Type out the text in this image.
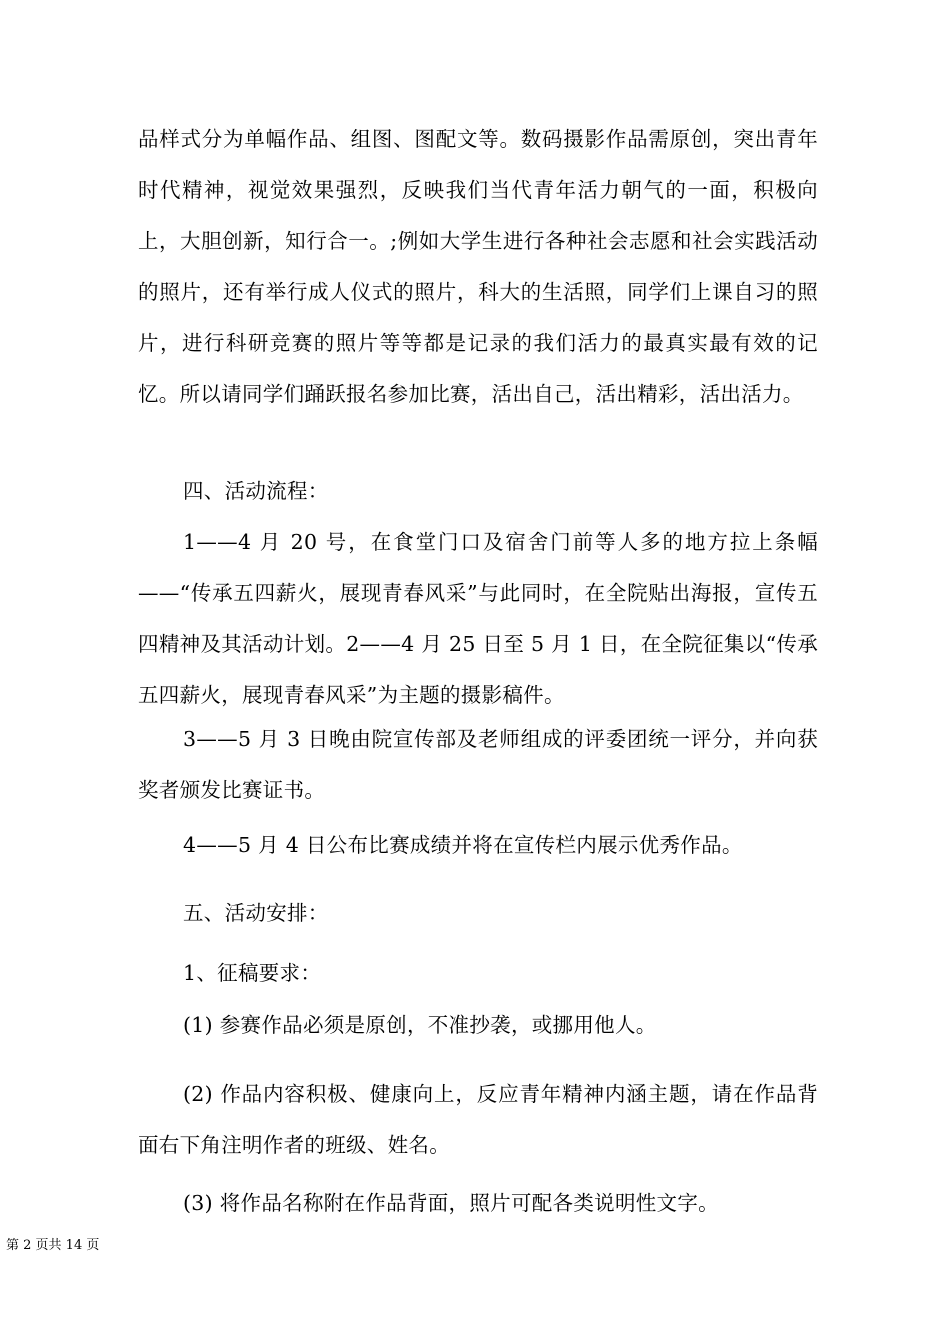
品样式分为单幅作品、组图、图配文等。数码摄影作品需原创，突出青年时代精神，视觉效果强烈，反映我们当代青年活力朝气的一面，积极向上，大胆创新，知行合一。;例如大学生进行各种社会志愿和社会实践活动的照片，还有举行成人仪式的照片，科大的生活照，同学们上课自习的照片，进行科研竞赛的照片等等都是记录的我们活力的最真实最有效的记忆。所以请同学们踊跃报名参加比赛，活出自己，活出精彩，活出活力。

四、活动流程：

1——4 月 20 号，在食堂门口及宿舍门前等人多的地方拉上条幅——“传承五四薪火，展现青春风采”与此同时，在全院贴出海报，宣传五四精神及其活动计划。2——4 月 25 日至 5 月 1 日，在全院征集以“传承五四薪火，展现青春风采”为主题的摄影稿件。

3——5 月 3 日晚由院宣传部及老师组成的评委团统一评分，并向获奖者颁发比赛证书。

4——5 月 4 日公布比赛成绩并将在宣传栏内展示优秀作品。

五、活动安排：

1、征稿要求：

(1) 参赛作品必须是原创，不准抄袭，或挪用他人。

(2) 作品内容积极、健康向上，反应青年精神内涵主题，请在作品背面右下角注明作者的班级、姓名。

(3) 将作品名称附在作品背面，照片可配各类说明性文字。

第 2 页共 14 页
